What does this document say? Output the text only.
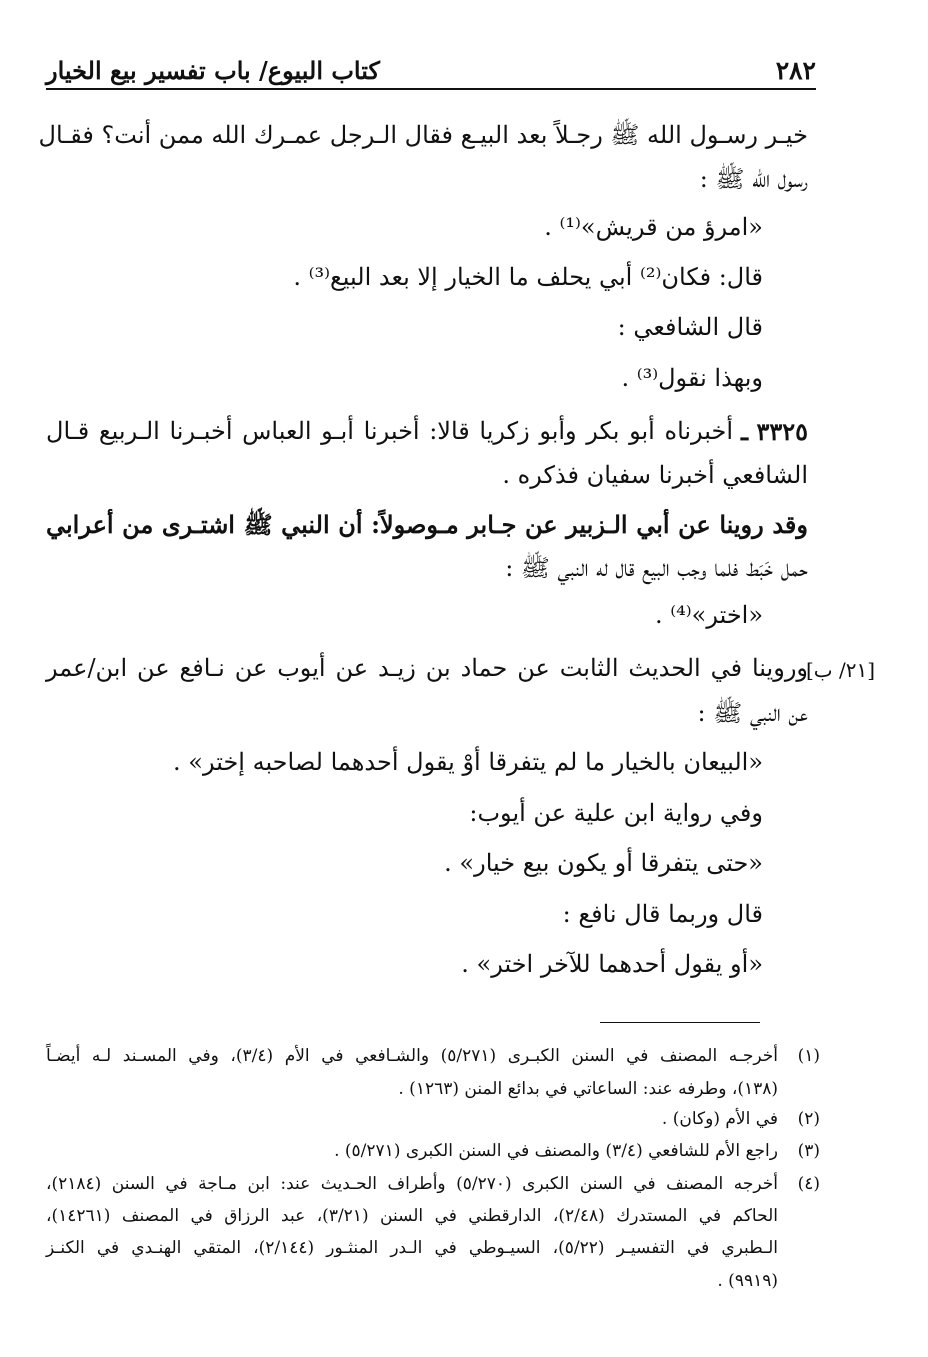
٢٨٢
كتاب البيوع/ باب تفسير بيع الخيار
خيـر رسـول الله ﷺ رجـلاً بعد البيـع فقال الـرجل عمـرك الله ممن أنت؟ فقـال
رسول الله ﷺ :
«امرؤ من قريش»⁽¹⁾ .
قال: فكان⁽²⁾ أبي يحلف ما الخيار إلا بعد البيع⁽³⁾ .
قال الشافعي :
وبهذا نقول⁽³⁾ .
٣٣٢٥ ـ
أخبرناه أبو بكر وأبو زكريا قالا: أخبرنا أبـو العباس أخبـرنا الـربيع قـال
الشافعي أخبرنا سفيان فذكره .
وقد روينا عن أبي الـزبير عن جـابر مـوصولاً: أن النبي ﷺ اشتـرى من أعرابي
حمل خَبَط فلما وجب البيع قال له النبي ﷺ :
«اختر»⁽⁴⁾ .
[٢١/ ب]
وروينا في الحديث الثابت عن حماد بن زيـد عن أيوب عن نـافع عن ابن/عمر
عن النبي ﷺ :
«البيعان بالخيار ما لم يتفرقا أوْ يقول أحدهما لصاحبه إختر» .
وفي رواية ابن علية عن أيوب:
«حتى يتفرقا أو يكون بيع خيار» .
قال وربما قال نافع :
«أو يقول أحدهما للآخر اختر» .
(١)
أخرجـه المصنف في السنن الكبـرى (٥/٢٧١) والشـافعي في الأم (٣/٤)، وفي المسـند لـه أيضـاً
(١٣٨)، وطرفه عند: الساعاتي في بدائع المنن (١٢٦٣) .
(٢)
في الأم (وكان) .
(٣)
راجع الأم للشافعي (٣/٤) والمصنف في السنن الكبرى (٥/٢٧١) .
(٤)
أخرجه المصنف في السنن الكبرى (٥/٢٧٠) وأطراف الحـديث عند: ابن مـاجة في السنن (٢١٨٤)،
الحاكم في المستدرك (٢/٤٨)، الدارقطني في السنن (٣/٢١)، عبد الرزاق في المصنف (١٤٢٦١)،
الـطبري في التفسيـر (٥/٢٢)، السيـوطي في الـدر المنثـور (٢/١٤٤)، المتقي الهنـدي في الكنـز
(٩٩١٩) .
